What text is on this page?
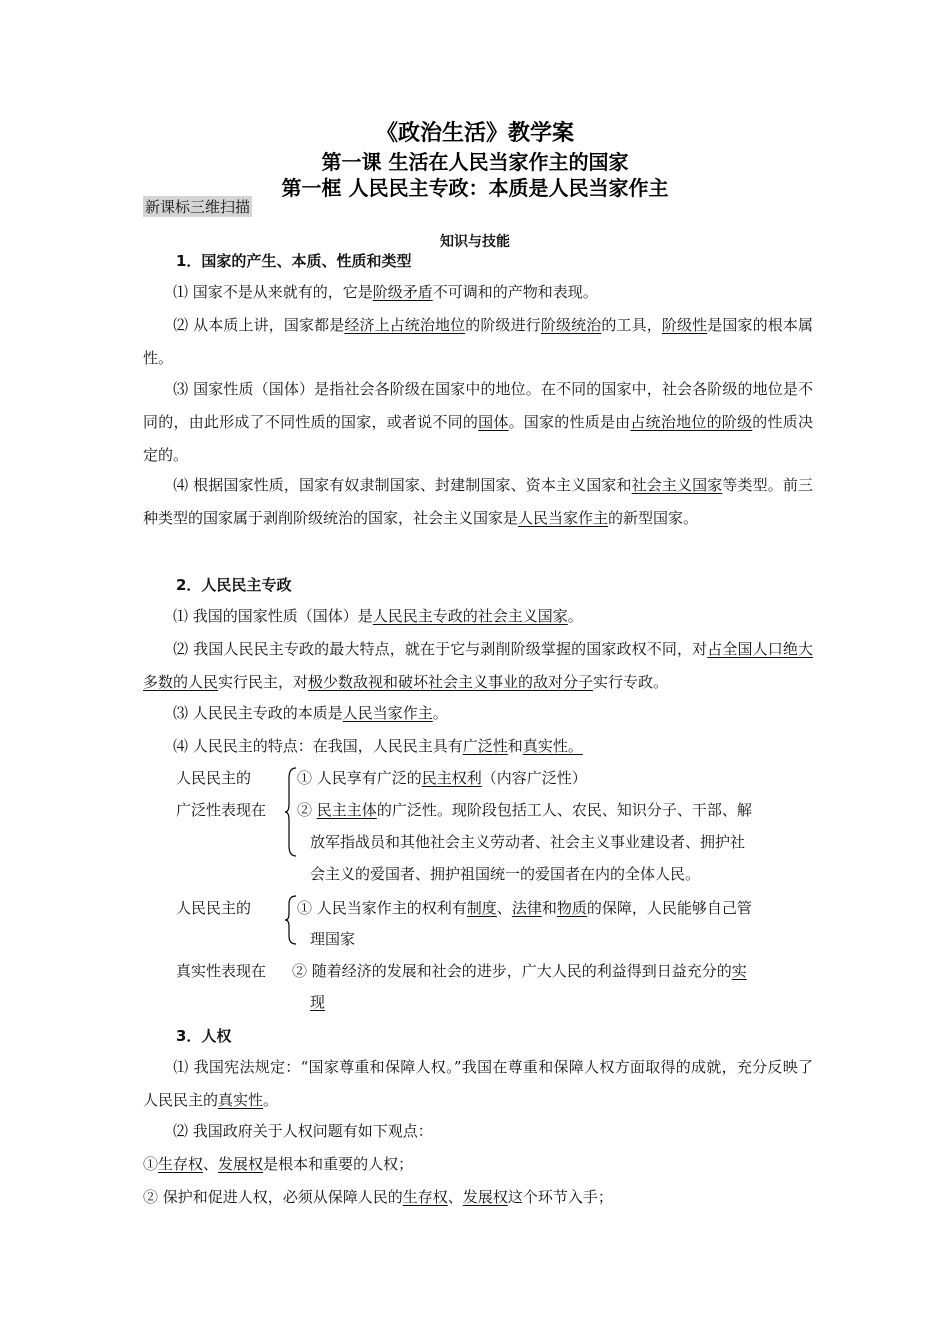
《政治生活》教学案
第一课 生活在人民当家作主的国家
第一框 人民民主专政：本质是人民当家作主
新课标三维扫描
知识与技能
1．国家的产生、本质、性质和类型
⑴ 国家不是从来就有的，它是阶级矛盾不可调和的产物和表现。
⑵ 从本质上讲，国家都是经济上占统治地位的阶级进行阶级统治的工具，阶级性是国家的根本属性。
⑶ 国家性质（国体）是指社会各阶级在国家中的地位。在不同的国家中，社会各阶级的地位是不同的，由此形成了不同性质的国家，或者说不同的国体。国家的性质是由占统治地位的阶级的性质决定的。
⑷ 根据国家性质，国家有奴隶制国家、封建制国家、资本主义国家和社会主义国家等类型。前三种类型的国家属于剥削阶级统治的国家，社会主义国家是人民当家作主的新型国家。
2．人民民主专政
⑴ 我国的国家性质（国体）是人民民主专政的社会主义国家。
⑵ 我国人民民主专政的最大特点，就在于它与剥削阶级掌握的国家政权不同，对占全国人口绝大多数的人民实行民主，对极少数敌视和破坏社会主义事业的敌对分子实行专政。
⑶ 人民民主专政的本质是人民当家作主。
⑷ 人民民主的特点：在我国，人民民主具有广泛性和真实性。
人民民主的
广泛性表现在
① 人民享有广泛的民主权利（内容广泛性）
② 民主主体的广泛性。现阶段包括工人、农民、知识分子、干部、解
放军指战员和其他社会主义劳动者、社会主义事业建设者、拥护社
会主义的爱国者、拥护祖国统一的爱国者在内的全体人民。
人民民主的
真实性表现在
① 人民当家作主的权利有制度、法律和物质的保障，人民能够自己管
理国家
② 随着经济的发展和社会的进步，广大人民的利益得到日益充分的实
现
3．人权
⑴ 我国宪法规定：“国家尊重和保障人权。”我国在尊重和保障人权方面取得的成就，充分反映了人民民主的真实性。
⑵ 我国政府关于人权问题有如下观点：
①生存权、发展权是根本和重要的人权；
② 保护和促进人权，必须从保障人民的生存权、发展权这个环节入手；
